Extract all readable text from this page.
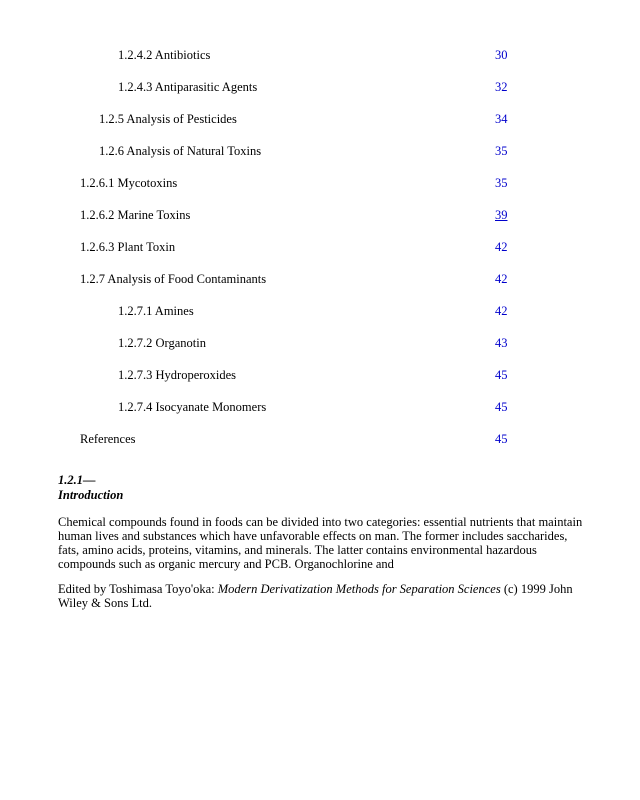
1.2.4.2 Antibiotics	30
1.2.4.3 Antiparasitic Agents	32
1.2.5 Analysis of Pesticides	34
1.2.6 Analysis of Natural Toxins	35
1.2.6.1 Mycotoxins	35
1.2.6.2 Marine Toxins	39
1.2.6.3 Plant Toxin	42
1.2.7 Analysis of Food Contaminants	42
1.2.7.1 Amines	42
1.2.7.2 Organotin	43
1.2.7.3 Hydroperoxides	45
1.2.7.4 Isocyanate Monomers	45
References	45
1.2.1—
Introduction

Chemical compounds found in foods can be divided into two categories: essential nutrients that maintain human lives and substances which have unfavorable effects on man. The former includes saccharides, fats, amino acids, proteins, vitamins, and minerals. The latter contains environmental hazardous compounds such as organic mercury and PCB. Organochlorine and

Edited by Toshimasa Toyo'oka: Modern Derivatization Methods for Separation Sciences (c) 1999 John Wiley & Sons Ltd.
